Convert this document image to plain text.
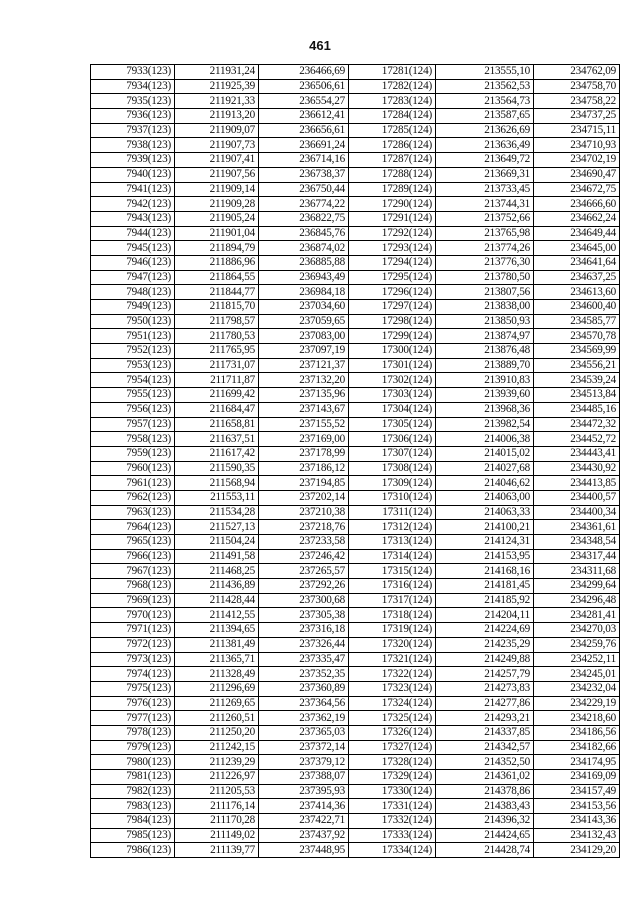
461
7933(123)	211931,24	236466,69	17281(124)	213555,10	234762,09
7934(123)	211925,39	236506,61	17282(124)	213562,53	234758,70
7935(123)	211921,33	236554,27	17283(124)	213564,73	234758,22
7936(123)	211913,20	236612,41	17284(124)	213587,65	234737,25
7937(123)	211909,07	236656,61	17285(124)	213626,69	234715,11
7938(123)	211907,73	236691,24	17286(124)	213636,49	234710,93
7939(123)	211907,41	236714,16	17287(124)	213649,72	234702,19
7940(123)	211907,56	236738,37	17288(124)	213669,31	234690,47
7941(123)	211909,14	236750,44	17289(124)	213733,45	234672,75
7942(123)	211909,28	236774,22	17290(124)	213744,31	234666,60
7943(123)	211905,24	236822,75	17291(124)	213752,66	234662,24
7944(123)	211901,04	236845,76	17292(124)	213765,98	234649,44
7945(123)	211894,79	236874,02	17293(124)	213774,26	234645,00
7946(123)	211886,96	236885,88	17294(124)	213776,30	234641,64
7947(123)	211864,55	236943,49	17295(124)	213780,50	234637,25
7948(123)	211844,77	236984,18	17296(124)	213807,56	234613,60
7949(123)	211815,70	237034,60	17297(124)	213838,00	234600,40
7950(123)	211798,57	237059,65	17298(124)	213850,93	234585,77
7951(123)	211780,53	237083,00	17299(124)	213874,97	234570,78
7952(123)	211765,95	237097,19	17300(124)	213876,48	234569,99
7953(123)	211731,07	237121,37	17301(124)	213889,70	234556,21
7954(123)	211711,87	237132,20	17302(124)	213910,83	234539,24
7955(123)	211699,42	237135,96	17303(124)	213939,60	234513,84
7956(123)	211684,47	237143,67	17304(124)	213968,36	234485,16
7957(123)	211658,81	237155,52	17305(124)	213982,54	234472,32
7958(123)	211637,51	237169,00	17306(124)	214006,38	234452,72
7959(123)	211617,42	237178,99	17307(124)	214015,02	234443,41
7960(123)	211590,35	237186,12	17308(124)	214027,68	234430,92
7961(123)	211568,94	237194,85	17309(124)	214046,62	234413,85
7962(123)	211553,11	237202,14	17310(124)	214063,00	234400,57
7963(123)	211534,28	237210,38	17311(124)	214063,33	234400,34
7964(123)	211527,13	237218,76	17312(124)	214100,21	234361,61
7965(123)	211504,24	237233,58	17313(124)	214124,31	234348,54
7966(123)	211491,58	237246,42	17314(124)	214153,95	234317,44
7967(123)	211468,25	237265,57	17315(124)	214168,16	234311,68
7968(123)	211436,89	237292,26	17316(124)	214181,45	234299,64
7969(123)	211428,44	237300,68	17317(124)	214185,92	234296,48
7970(123)	211412,55	237305,38	17318(124)	214204,11	234281,41
7971(123)	211394,65	237316,18	17319(124)	214224,69	234270,03
7972(123)	211381,49	237326,44	17320(124)	214235,29	234259,76
7973(123)	211365,71	237335,47	17321(124)	214249,88	234252,11
7974(123)	211328,49	237352,35	17322(124)	214257,79	234245,01
7975(123)	211296,69	237360,89	17323(124)	214273,83	234232,04
7976(123)	211269,65	237364,56	17324(124)	214277,86	234229,19
7977(123)	211260,51	237362,19	17325(124)	214293,21	234218,60
7978(123)	211250,20	237365,03	17326(124)	214337,85	234186,56
7979(123)	211242,15	237372,14	17327(124)	214342,57	234182,66
7980(123)	211239,29	237379,12	17328(124)	214352,50	234174,95
7981(123)	211226,97	237388,07	17329(124)	214361,02	234169,09
7982(123)	211205,53	237395,93	17330(124)	214378,86	234157,49
7983(123)	211176,14	237414,36	17331(124)	214383,43	234153,56
7984(123)	211170,28	237422,71	17332(124)	214396,32	234143,36
7985(123)	211149,02	237437,92	17333(124)	214424,65	234132,43
7986(123)	211139,77	237448,95	17334(124)	214428,74	234129,20
